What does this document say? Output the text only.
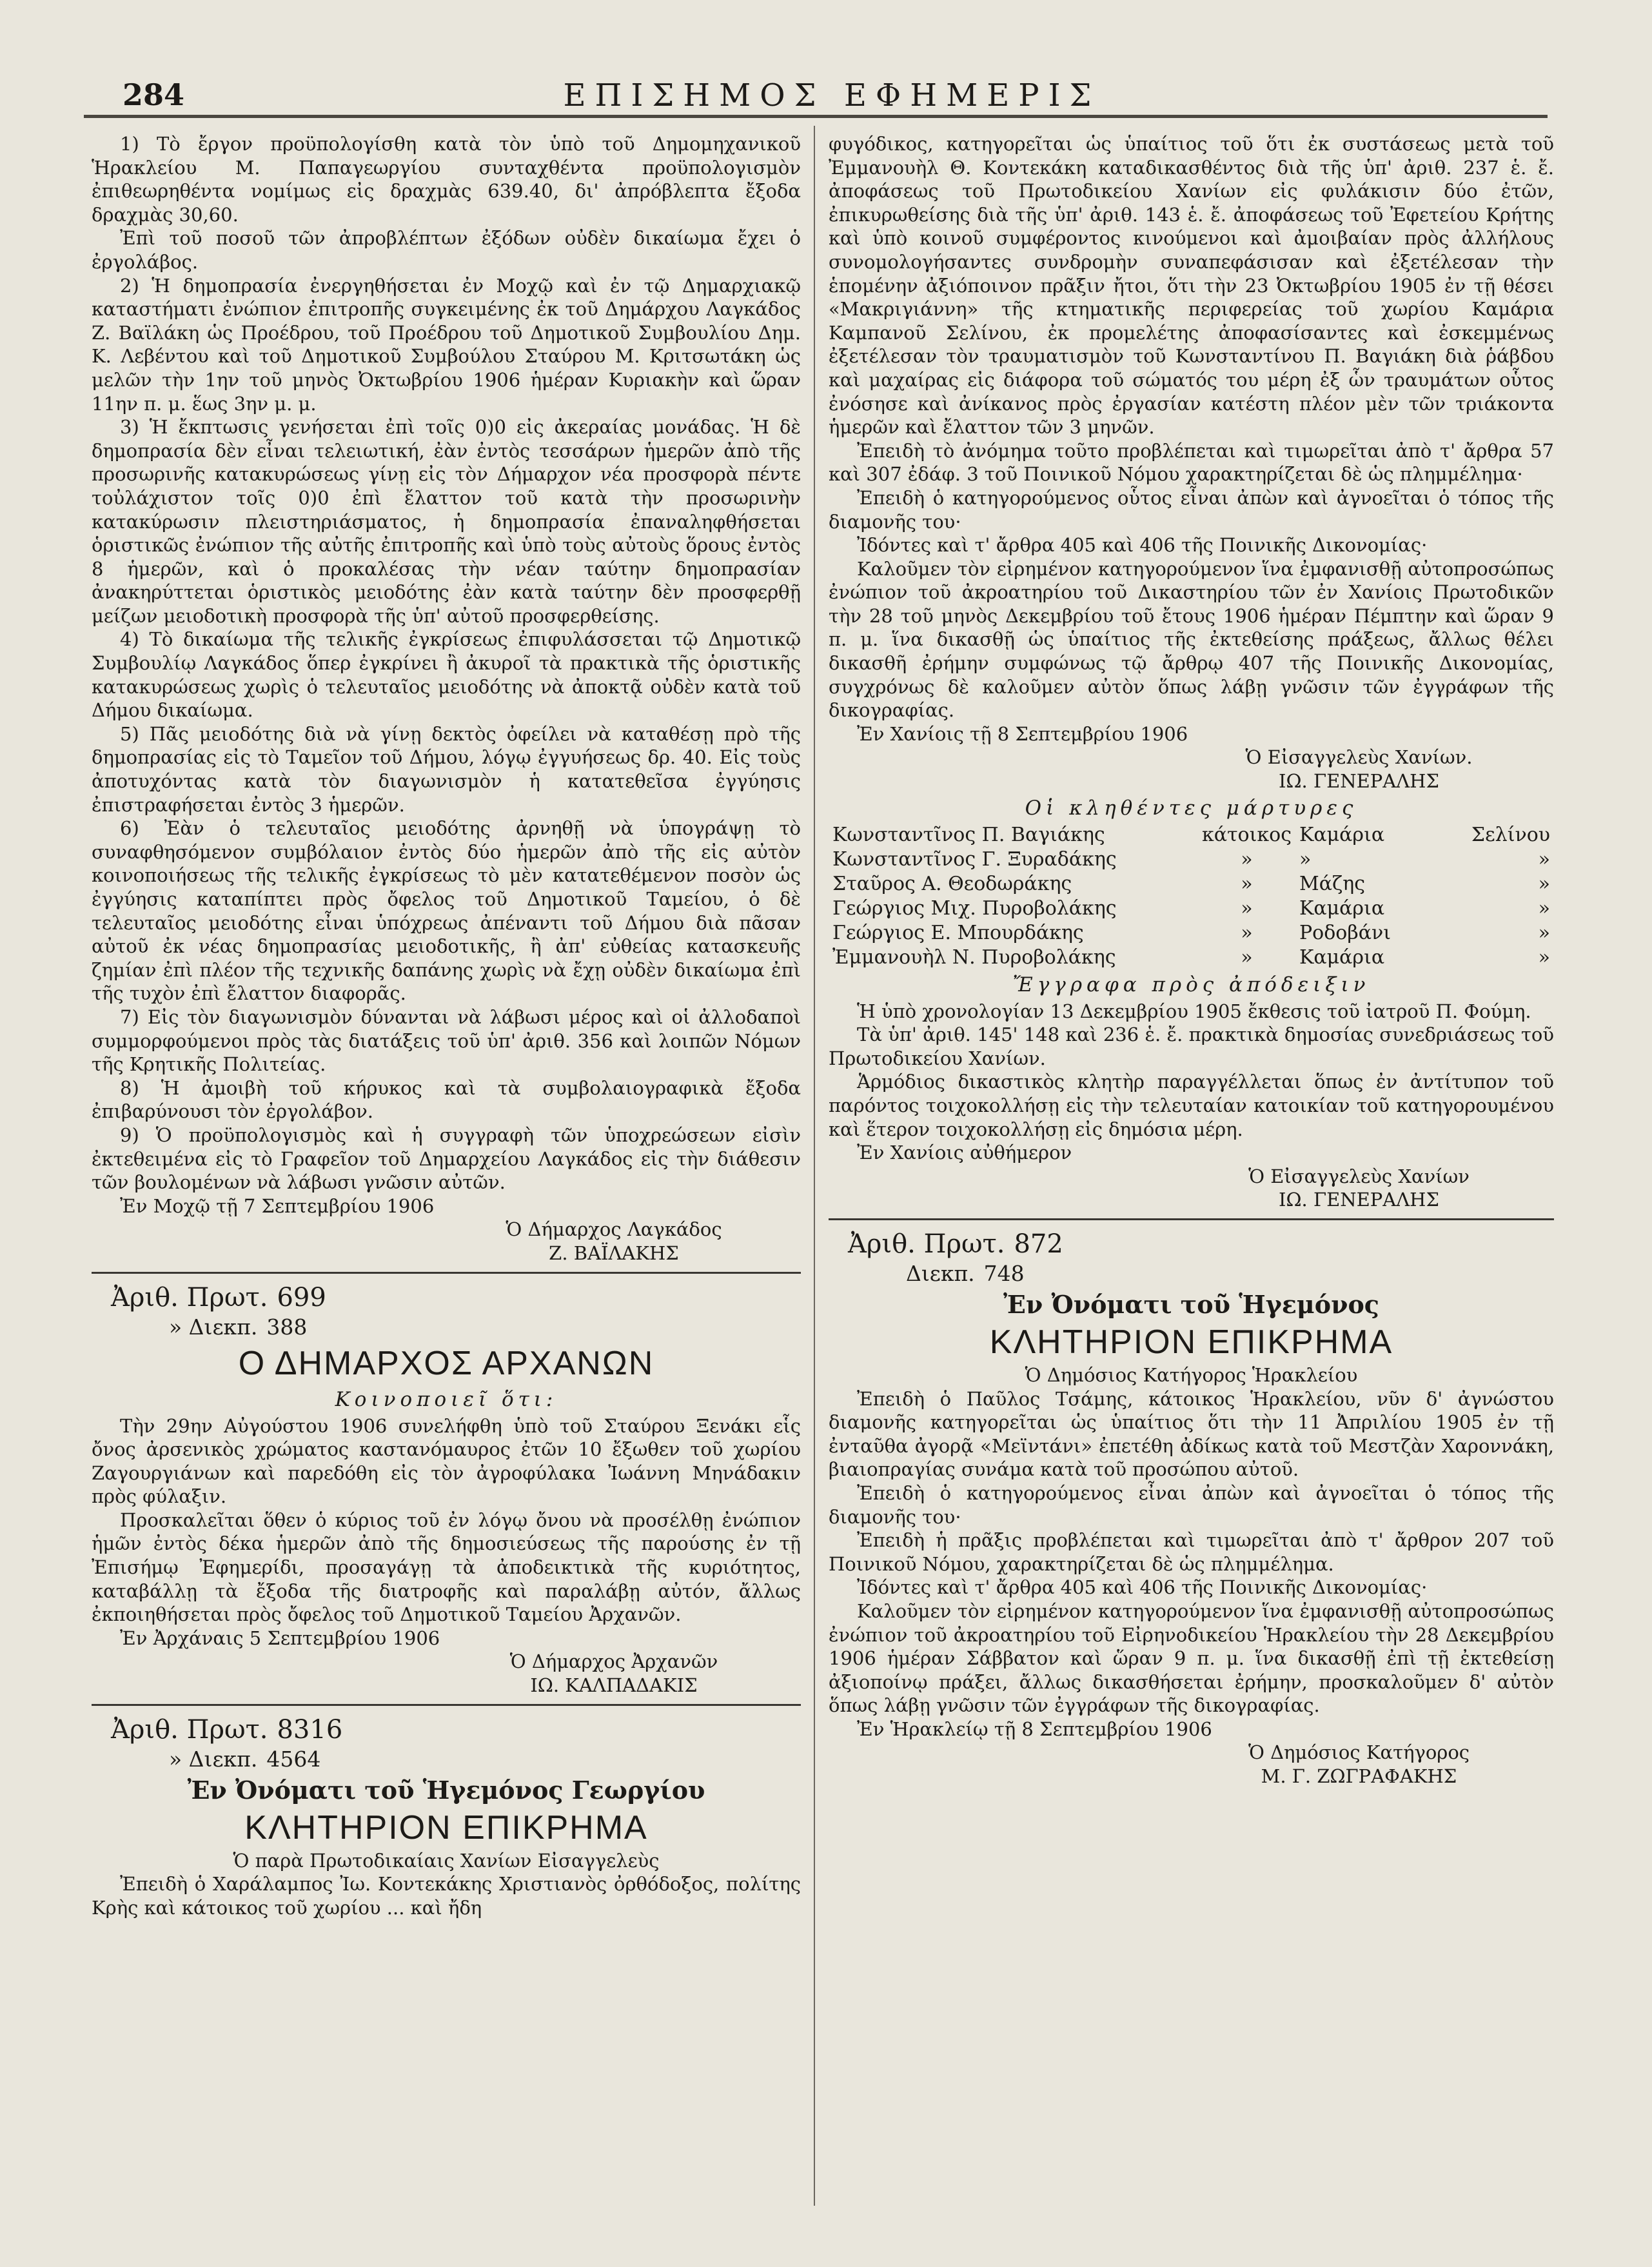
284	ΕΠΙΣΗΜΟΣ ΕΦΗΜΕΡΙΣ

1) Τὸ ἔργον προϋπολογίσθη κατὰ τὸν ὑπὸ τοῦ Δημομηχανικοῦ Ἡρακλείου Μ. Παπαγεωργίου συνταχθέντα προϋπολογισμὸν ἐπιθεωρηθέντα νομίμως εἰς δραχμὰς 639.40, δι' ἀπρόβλεπτα ἔξοδα δραχμὰς 30,60.

Ἐπὶ τοῦ ποσοῦ τῶν ἀπροβλέπτων ἐξόδων οὐδὲν δικαίωμα ἔχει ὁ ἐργολάβος.

2) Ἡ δημοπρασία ἐνεργηθήσεται ἐν Μοχῷ καὶ ἐν τῷ Δημαρχιακῷ καταστήματι ἐνώπιον ἐπιτροπῆς συγκειμένης ἐκ τοῦ Δημάρχου Λαγκάδος Ζ. Βαϊλάκη ὡς Προέδρου, τοῦ Προέδρου τοῦ Δημοτικοῦ Συμβουλίου Δημ. Κ. Λεβέντου καὶ τοῦ Δημοτικοῦ Συμβούλου Σταύρου Μ. Κριτσωτάκη ὡς μελῶν τὴν 1ην τοῦ μηνὸς Ὀκτωβρίου 1906 ἡμέραν Κυριακὴν καὶ ὥραν 11ην π. μ. ἕως 3ην μ. μ.

3) Ἡ ἔκπτωσις γενήσεται ἐπὶ τοῖς 0)0 εἰς ἀκεραίας μονάδας. Ἡ δὲ δημοπρασία δὲν εἶναι τελειωτική, ἐὰν ἐντὸς τεσσάρων ἡμερῶν ἀπὸ τῆς προσωρινῆς κατακυρώσεως γίνῃ εἰς τὸν Δήμαρχον νέα προσφορὰ πέντε τοὐλάχιστον τοῖς 0)0 ἐπὶ ἔλαττον τοῦ κατὰ τὴν προσωρινὴν κατακύρωσιν πλειστηριάσματος, ἡ δημοπρασία ἐπαναληφθήσεται ὁριστικῶς ἐνώπιον τῆς αὐτῆς ἐπιτροπῆς καὶ ὑπὸ τοὺς αὐτοὺς ὅρους ἐντὸς 8 ἡμερῶν, καὶ ὁ προκαλέσας τὴν νέαν ταύτην δημοπρασίαν ἀνακηρύττεται ὁριστικὸς μειοδότης ἐὰν κατὰ ταύτην δὲν προσφερθῇ μείζων μειοδοτικὴ προσφορὰ τῆς ὑπ' αὐτοῦ προσφερθείσης.

4) Τὸ δικαίωμα τῆς τελικῆς ἐγκρίσεως ἐπιφυλάσσεται τῷ Δημοτικῷ Συμβουλίῳ Λαγκάδος ὅπερ ἐγκρίνει ἢ ἀκυροῖ τὰ πρακτικὰ τῆς ὁριστικῆς κατακυρώσεως χωρὶς ὁ τελευταῖος μειοδότης νὰ ἀποκτᾷ οὐδὲν κατὰ τοῦ Δήμου δικαίωμα.

5) Πᾶς μειοδότης διὰ νὰ γίνῃ δεκτὸς ὀφείλει νὰ καταθέσῃ πρὸ τῆς δημοπρασίας εἰς τὸ Ταμεῖον τοῦ Δήμου, λόγῳ ἐγγυήσεως δρ. 40. Εἰς τοὺς ἀποτυχόντας κατὰ τὸν διαγωνισμὸν ἡ κατατεθεῖσα ἐγγύησις ἐπιστραφήσεται ἐντὸς 3 ἡμερῶν.

6) Ἐὰν ὁ τελευταῖος μειοδότης ἀρνηθῇ νὰ ὑπογράψῃ τὸ συναφθησόμενον συμβόλαιον ἐντὸς δύο ἡμερῶν ἀπὸ τῆς εἰς αὐτὸν κοινοποιήσεως τῆς τελικῆς ἐγκρίσεως τὸ μὲν κατατεθέμενον ποσὸν ὡς ἐγγύησις καταπίπτει πρὸς ὄφελος τοῦ Δημοτικοῦ Ταμείου, ὁ δὲ τελευταῖος μειοδότης εἶναι ὑπόχρεως ἀπέναντι τοῦ Δήμου διὰ πᾶσαν αὐτοῦ ἐκ νέας δημοπρασίας μειοδοτικῆς, ἢ ἀπ' εὐθείας κατασκευῆς ζημίαν ἐπὶ πλέον τῆς τεχνικῆς δαπάνης χωρὶς νὰ ἔχῃ οὐδὲν δικαίωμα ἐπὶ τῆς τυχὸν ἐπὶ ἔλαττον διαφορᾶς.

7) Εἰς τὸν διαγωνισμὸν δύνανται νὰ λάβωσι μέρος καὶ οἱ ἀλλοδαποὶ συμμορφούμενοι πρὸς τὰς διατάξεις τοῦ ὑπ' ἀριθ. 356 καὶ λοιπῶν Νόμων τῆς Κρητικῆς Πολιτείας.

8) Ἡ ἀμοιβὴ τοῦ κήρυκος καὶ τὰ συμβολαιογραφικὰ ἔξοδα ἐπιβαρύνουσι τὸν ἐργολάβον.

9) Ὁ προϋπολογισμὸς καὶ ἡ συγγραφὴ τῶν ὑποχρεώσεων εἰσὶν ἐκτεθειμένα εἰς τὸ Γραφεῖον τοῦ Δημαρχείου Λαγκάδος εἰς τὴν διάθεσιν τῶν βουλομένων νὰ λάβωσι γνῶσιν αὐτῶν.

Ἐν Μοχῷ τῇ 7 Σεπτεμβρίου 1906

Ὁ Δήμαρχος Λαγκάδος

Ζ. ΒΑΪΛΑΚΗΣ

Ἀριθ. Πρωτ. 699
» Διεκπ. 388
Ο ΔΗΜΑΡΧΟΣ ΑΡΧΑΝΩΝ
Κοινοποιεῖ ὅτι:

Τὴν 29ην Αὐγούστου 1906 συνελήφθη ὑπὸ τοῦ Σταύρου Ξενάκι εἷς ὄνος ἀρσενικὸς χρώματος καστανόμαυρος ἐτῶν 10 ἔξωθεν τοῦ χωρίου Ζαγουργιάνων καὶ παρεδόθη εἰς τὸν ἀγροφύλακα Ἰωάννη Μηνάδακιν πρὸς φύλαξιν.

Προσκαλεῖται ὅθεν ὁ κύριος τοῦ ἐν λόγῳ ὄνου νὰ προσέλθῃ ἐνώπιον ἡμῶν ἐντὸς δέκα ἡμερῶν ἀπὸ τῆς δημοσιεύσεως τῆς παρούσης ἐν τῇ Ἐπισήμῳ Ἐφημερίδι, προσαγάγῃ τὰ ἀποδεικτικὰ τῆς κυριότητος, καταβάλλῃ τὰ ἔξοδα τῆς διατροφῆς καὶ παραλάβῃ αὐτόν, ἄλλως ἐκποιηθήσεται πρὸς ὄφελος τοῦ Δημοτικοῦ Ταμείου Ἀρχανῶν.

Ἐν Ἀρχάναις 5 Σεπτεμβρίου 1906

Ὁ Δήμαρχος Ἀρχανῶν

ΙΩ. ΚΑΛΠΑΔΑΚΙΣ

Ἀριθ. Πρωτ. 8316
» Διεκπ. 4564
Ἐν Ὀνόματι τοῦ Ἡγεμόνος Γεωργίου
ΚΛΗΤΗΡΙΟΝ ΕΠΙΚΡΗΜΑ

Ὁ παρὰ Πρωτοδικαίαις Χανίων Εἰσαγγελεὺς

Ἐπειδὴ ὁ Χαράλαμπος Ἰω. Κοντεκάκης Χριστιανὸς ὀρθόδοξος, πολίτης Κρὴς καὶ κάτοικος τοῦ χωρίου ... καὶ ἤδη

φυγόδικος, κατηγορεῖται ὡς ὑπαίτιος τοῦ ὅτι ἐκ συστάσεως μετὰ τοῦ Ἐμμανουὴλ Θ. Κοντεκάκη καταδικασθέντος διὰ τῆς ὑπ' ἀριθ. 237 ἑ. ἔ. ἀποφάσεως τοῦ Πρωτοδικείου Χανίων εἰς φυλάκισιν δύο ἐτῶν, ἐπικυρωθείσης διὰ τῆς ὑπ' ἀριθ. 143 ἑ. ἔ. ἀποφάσεως τοῦ Ἐφετείου Κρήτης καὶ ὑπὸ κοινοῦ συμφέροντος κινούμενοι καὶ ἀμοιβαίαν πρὸς ἀλλήλους συνομολογήσαντες συνδρομὴν συναπεφάσισαν καὶ ἐξετέλεσαν τὴν ἑπομένην ἀξιόποινον πρᾶξιν ἤτοι, ὅτι τὴν 23 Ὀκτωβρίου 1905 ἐν τῇ θέσει «Μακριγιάννη» τῆς κτηματικῆς περιφερείας τοῦ χωρίου Καμάρια Καμπανοῦ Σελίνου, ἐκ προμελέτης ἀποφασίσαντες καὶ ἐσκεμμένως ἐξετέλεσαν τὸν τραυματισμὸν τοῦ Κωνσταντίνου Π. Βαγιάκη διὰ ῥάβδου καὶ μαχαίρας εἰς διάφορα τοῦ σώματός του μέρη ἐξ ὧν τραυμάτων οὗτος ἐνόσησε καὶ ἀνίκανος πρὸς ἐργασίαν κατέστη πλέον μὲν τῶν τριάκοντα ἡμερῶν καὶ ἔλαττον τῶν 3 μηνῶν.

Ἐπειδὴ τὸ ἀνόμημα τοῦτο προβλέπεται καὶ τιμωρεῖται ἀπὸ τ' ἄρθρα 57 καὶ 307 ἐδάφ. 3 τοῦ Ποινικοῦ Νόμου χαρακτηρίζεται δὲ ὡς πλημμέλημα·

Ἐπειδὴ ὁ κατηγορούμενος οὗτος εἶναι ἀπὼν καὶ ἀγνοεῖται ὁ τόπος τῆς διαμονῆς του·

Ἰδόντες καὶ τ' ἄρθρα 405 καὶ 406 τῆς Ποινικῆς Δικονομίας·

Καλοῦμεν τὸν εἰρημένον κατηγορούμενον ἵνα ἐμφανισθῇ αὐτοπροσώπως ἐνώπιον τοῦ ἀκροατηρίου τοῦ Δικαστηρίου τῶν ἐν Χανίοις Πρωτοδικῶν τὴν 28 τοῦ μηνὸς Δεκεμβρίου τοῦ ἔτους 1906 ἡμέραν Πέμπτην καὶ ὥραν 9 π. μ. ἵνα δικασθῇ ὡς ὑπαίτιος τῆς ἐκτεθείσης πράξεως, ἄλλως θέλει δικασθῆ ἐρήμην συμφώνως τῷ ἄρθρῳ 407 τῆς Ποινικῆς Δικονομίας, συγχρόνως δὲ καλοῦμεν αὐτὸν ὅπως λάβῃ γνῶσιν τῶν ἐγγράφων τῆς δικογραφίας.

Ἐν Χανίοις τῇ 8 Σεπτεμβρίου 1906

Ὁ Εἰσαγγελεὺς Χανίων.

ΙΩ. ΓΕΝΕΡΑΛΗΣ

Οἱ κληθέντες μάρτυρες
Κωνσταντῖνος Π. Βαγιάκης	κάτοικος	Καμάρια	Σελίνου
Κωνσταντῖνος Γ. Ξυραδάκης	»	»	»
Σταῦρος Α. Θεοδωράκης	»	Μάζης	»
Γεώργιος Μιχ. Πυροβολάκης	»	Καμάρια	»
Γεώργιος Ε. Μπουρδάκης	»	Ροδοβάνι	»
Ἐμμανουὴλ Ν. Πυροβολάκης	»	Καμάρια	»
Ἔγγραφα πρὸς ἀπόδειξιν

Ἡ ὑπὸ χρονολογίαν 13 Δεκεμβρίου 1905 ἔκθεσις τοῦ ἰατροῦ Π. Φούμη.

Τὰ ὑπ' ἀριθ. 145' 148 καὶ 236 ἑ. ἔ. πρακτικὰ δημοσίας συνεδριάσεως τοῦ Πρωτοδικείου Χανίων.

Ἁρμόδιος δικαστικὸς κλητὴρ παραγγέλλεται ὅπως ἐν ἀντίτυπον τοῦ παρόντος τοιχοκολλήσῃ εἰς τὴν τελευταίαν κατοικίαν τοῦ κατηγορουμένου καὶ ἕτερον τοιχοκολλήσῃ εἰς δημόσια μέρη.

Ἐν Χανίοις αὐθήμερον

Ὁ Εἰσαγγελεὺς Χανίων

ΙΩ. ΓΕΝΕΡΑΛΗΣ

Ἀριθ. Πρωτ. 872
Διεκπ. 748
Ἐν Ὀνόματι τοῦ Ἡγεμόνος
ΚΛΗΤΗΡΙΟΝ ΕΠΙΚΡΗΜΑ

Ὁ Δημόσιος Κατήγορος Ἡρακλείου

Ἐπειδὴ ὁ Παῦλος Τσάμης, κάτοικος Ἡρακλείου, νῦν δ' ἀγνώστου διαμονῆς κατηγορεῖται ὡς ὑπαίτιος ὅτι τὴν 11 Ἀπριλίου 1905 ἐν τῇ ἐνταῦθα ἀγορᾷ «Μεϊντάνι» ἐπετέθη ἀδίκως κατὰ τοῦ Μεστζὰν Χαροννάκη, βιαιοπραγίας συνάμα κατὰ τοῦ προσώπου αὐτοῦ.

Ἐπειδὴ ὁ κατηγορούμενος εἶναι ἀπὼν καὶ ἀγνοεῖται ὁ τόπος τῆς διαμονῆς του·

Ἐπειδὴ ἡ πρᾶξις προβλέπεται καὶ τιμωρεῖται ἀπὸ τ' ἄρθρον 207 τοῦ Ποινικοῦ Νόμου, χαρακτηρίζεται δὲ ὡς πλημμέλημα.

Ἰδόντες καὶ τ' ἄρθρα 405 καὶ 406 τῆς Ποινικῆς Δικονομίας·

Καλοῦμεν τὸν εἰρημένον κατηγορούμενον ἵνα ἐμφανισθῇ αὐτοπροσώπως ἐνώπιον τοῦ ἀκροατηρίου τοῦ Εἰρηνοδικείου Ἡρακλείου τὴν 28 Δεκεμβρίου 1906 ἡμέραν Σάββατον καὶ ὥραν 9 π. μ. ἵνα δικασθῇ ἐπὶ τῇ ἐκτεθείσῃ ἀξιοποίνῳ πράξει, ἄλλως δικασθήσεται ἐρήμην, προσκαλοῦμεν δ' αὐτὸν ὅπως λάβῃ γνῶσιν τῶν ἐγγράφων τῆς δικογραφίας.

Ἐν Ἡρακλείῳ τῇ 8 Σεπτεμβρίου 1906

Ὁ Δημόσιος Κατήγορος

Μ. Γ. ΖΩΓΡΑΦΑΚΗΣ
